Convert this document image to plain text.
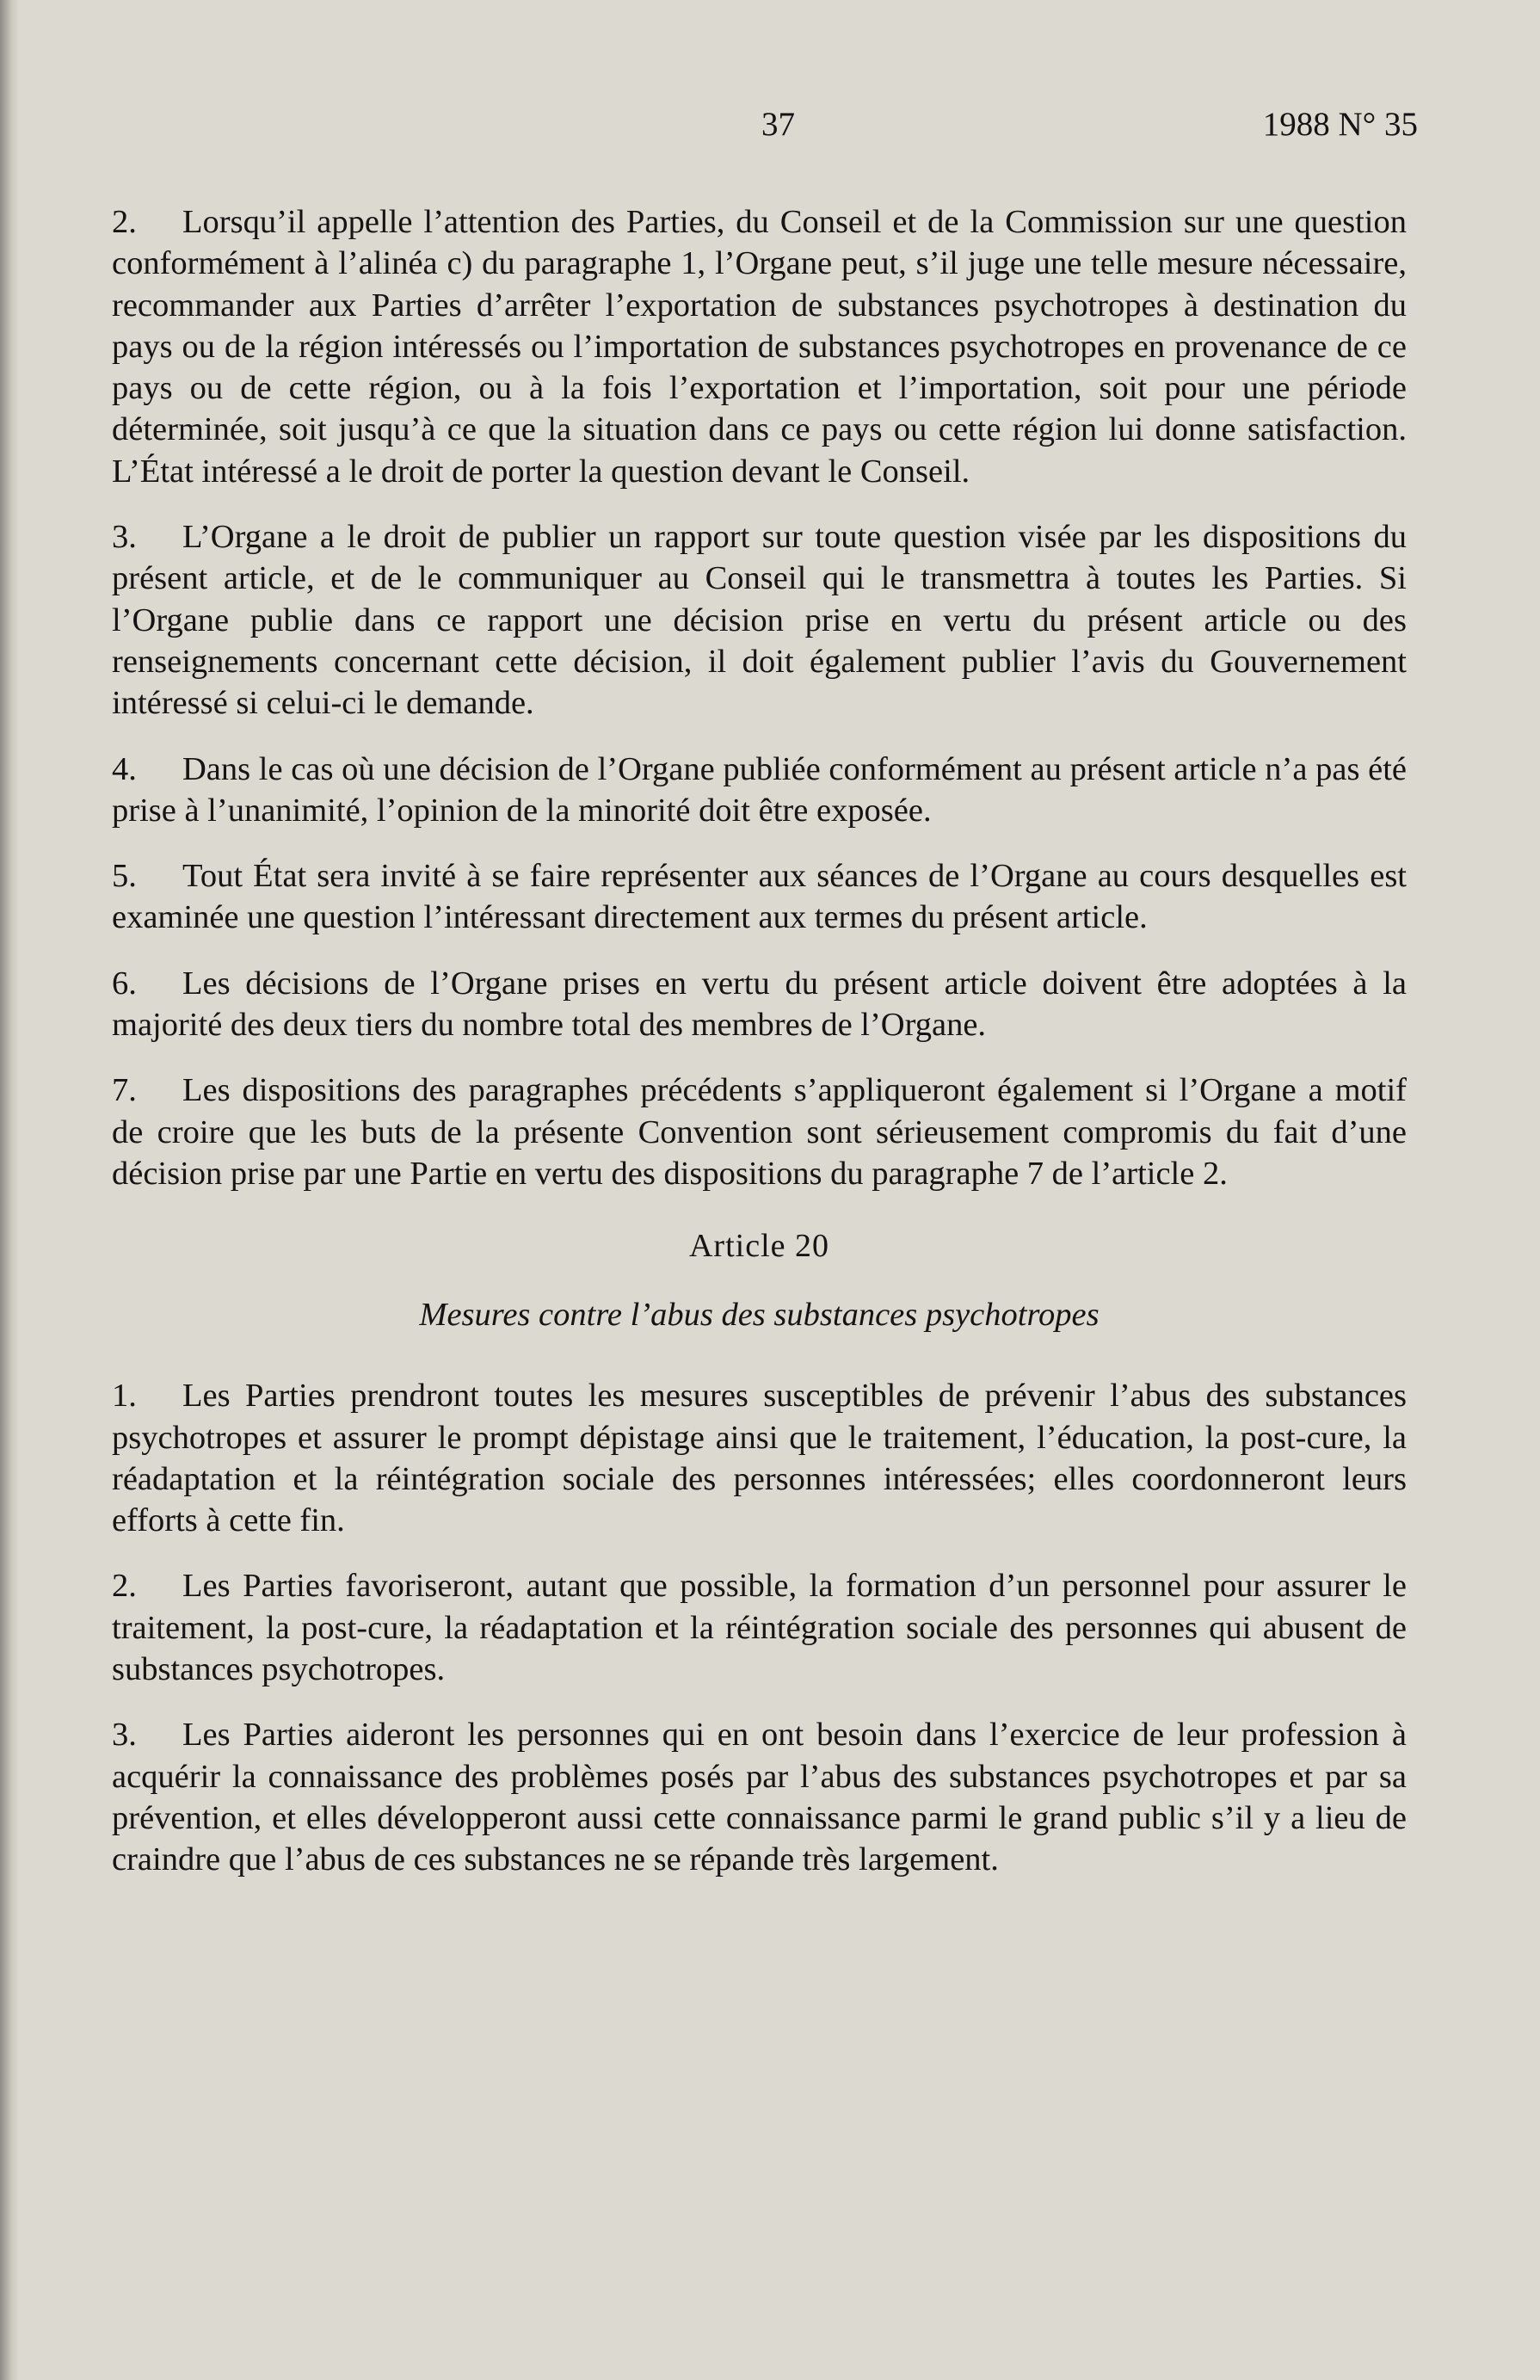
37	1988 N° 35

2. Lorsqu’il appelle l’attention des Parties, du Conseil et de la Commission sur une question conformément à l’alinéa c) du paragraphe 1, l’Organe peut, s’il juge une telle mesure nécessaire, recommander aux Parties d’arrêter l’exportation de substances psychotropes à destination du pays ou de la région intéressés ou l’importation de substances psychotropes en provenance de ce pays ou de cette région, ou à la fois l’exportation et l’importation, soit pour une période déterminée, soit jusqu’à ce que la situation dans ce pays ou cette région lui donne satisfaction. L’État intéressé a le droit de porter la question devant le Conseil.

3. L’Organe a le droit de publier un rapport sur toute question visée par les dispositions du présent article, et de le communiquer au Conseil qui le transmettra à toutes les Parties. Si l’Organe publie dans ce rapport une décision prise en vertu du présent article ou des renseignements concernant cette décision, il doit également publier l’avis du Gouvernement intéressé si celui-ci le demande.

4. Dans le cas où une décision de l’Organe publiée conformément au présent article n’a pas été prise à l’unanimité, l’opinion de la minorité doit être exposée.

5. Tout État sera invité à se faire représenter aux séances de l’Organe au cours desquelles est examinée une question l’intéressant directement aux termes du présent article.

6. Les décisions de l’Organe prises en vertu du présent article doivent être adoptées à la majorité des deux tiers du nombre total des membres de l’Organe.

7. Les dispositions des paragraphes précédents s’appliqueront également si l’Organe a motif de croire que les buts de la présente Convention sont sérieusement compromis du fait d’une décision prise par une Partie en vertu des dispositions du paragraphe 7 de l’article 2.

Article 20
Mesures contre l’abus des substances psychotropes

1. Les Parties prendront toutes les mesures susceptibles de prévenir l’abus des substances psychotropes et assurer le prompt dépistage ainsi que le traitement, l’éducation, la post-cure, la réadaptation et la réintégration sociale des personnes intéressées; elles coordonneront leurs efforts à cette fin.

2. Les Parties favoriseront, autant que possible, la formation d’un personnel pour assurer le traitement, la post-cure, la réadaptation et la réintégration sociale des personnes qui abusent de substances psychotropes.

3. Les Parties aideront les personnes qui en ont besoin dans l’exercice de leur profession à acquérir la connaissance des problèmes posés par l’abus des substances psychotropes et par sa prévention, et elles développeront aussi cette connaissance parmi le grand public s’il y a lieu de craindre que l’abus de ces substances ne se répande très largement.
